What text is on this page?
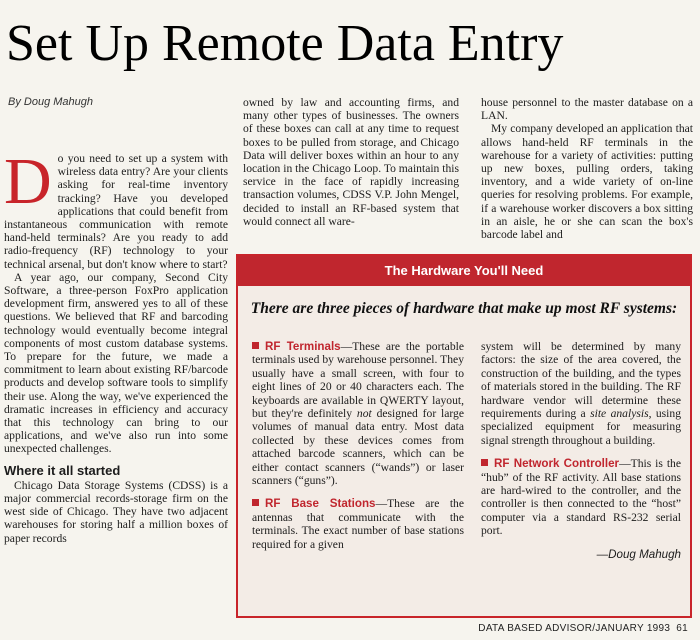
Set Up Remote Data Entry
By Doug Mahugh

Do you need to set up a system with wireless data entry? Are your clients asking for real-time inventory tracking? Have you developed applications that could benefit from instantaneous communication with remote hand-held terminals? Are you ready to add radio-frequency (RF) technology to your technical arsenal, but don't know where to start?

A year ago, our company, Second City Software, a three-person FoxPro application development firm, answered yes to all of these questions. We believed that RF and barcoding technology would eventually become integral components of most custom database systems. To prepare for the future, we made a commitment to learn about existing RF/barcode products and develop software tools to simplify their use. Along the way, we've experienced the dramatic increases in efficiency and accuracy that this technology can bring to our applications, and we've also run into some unexpected challenges.

Where it all started

Chicago Data Storage Systems (CDSS) is a major commercial records-storage firm on the west side of Chicago. They have two adjacent warehouses for storing half a million boxes of paper records

owned by law and accounting firms, and many other types of businesses. The owners of these boxes can call at any time to request boxes to be pulled from storage, and Chicago Data will deliver boxes within an hour to any location in the Chicago Loop. To maintain this service in the face of rapidly increasing transaction volumes, CDSS V.P. John Mengel, decided to install an RF-based system that would connect all ware-

house personnel to the master database on a LAN.

My company developed an application that allows hand-held RF terminals in the warehouse for a variety of activities: putting up new boxes, pulling orders, taking inventory, and a wide variety of on-line queries for resolving problems. For example, if a warehouse worker discovers a box sitting in an aisle, he or she can scan the box's barcode label and

The Hardware You'll Need
There are three pieces of hardware that make up most RF systems:
RF Terminals—These are the portable terminals used by warehouse personnel. They usually have a small screen, with four to eight lines of 20 or 40 characters each. The keyboards are available in QWERTY layout, but they're definitely not designed for large volumes of manual data entry. Most data collected by these devices comes from attached barcode scanners, which can be either contact scanners (“wands”) or laser scanners (“guns”).
RF Base Stations—These are the antennas that communicate with the terminals. The exact number of base stations required for a given
system will be determined by many factors: the size of the area covered, the construction of the building, and the types of materials stored in the building. The RF hardware vendor will determine these requirements during a site analysis, using specialized equipment for measuring signal strength throughout a building.
RF Network Controller—This is the “hub” of the RF activity. All base stations are hard-wired to the controller, and the controller is then connected to the “host” computer via a standard RS-232 serial port.
—Doug Mahugh
DATA BASED ADVISOR/JANUARY 1993 61
